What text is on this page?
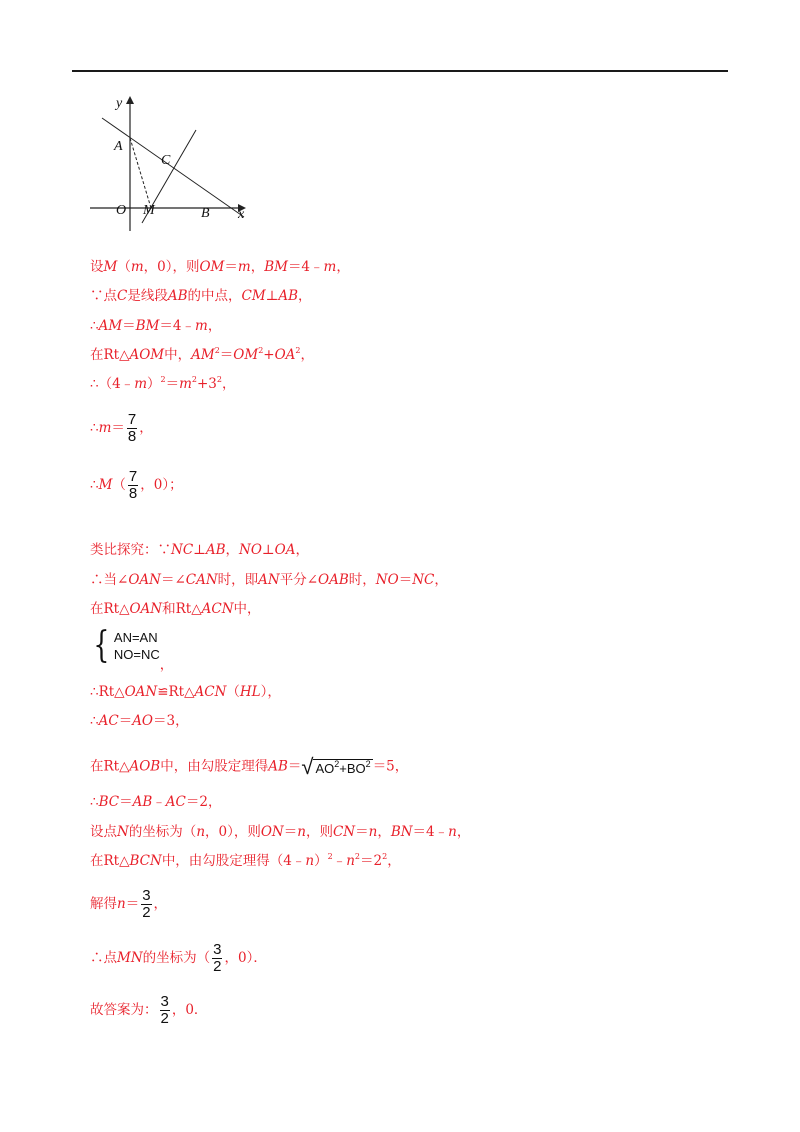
y
x
A
C
O M	B
设M（m，0），则OM＝m，BM＝4﹣m，
∵点C是线段AB的中点，CM⊥AB，
∴AM＝BM＝4﹣m，
在Rt△AOM中，$AM^2=OM^2+OA^2$，
$\therefore(4﹣m)^2=m^2+3^2$，
∴m＝ $\frac{7}{8}$ ，
∴M（ $\frac{7}{8}$ ，0）；
类比探究：∵NC⊥AB，NO⊥OA，
∴当∠OAN＝∠CAN时，即AN平分∠OAB时，NO＝NC，
在Rt△OAN和Rt△ACN中，
{ AN=AN
NO=NC
，
∴Rt△OAN≌Rt△ACN（HL），
∴AC＝AO＝3，
在Rt△AOB中，由勾股定理得AB＝ √ $AO^2+BO^2 =5$，
∴BC＝AB﹣AC＝2，
设点N的坐标为（n，0），则ON＝n，则CN＝n，BN＝4﹣n，
在Rt△BCN中，由勾股定理得$(4﹣n)^2﹣n^2=2^2$，
解得$n= \frac{3}{2}$ ，
∴点MN的坐标为（ $\frac{3}{2}$ ，0）．
故答案为： $\frac{3}{2}$ ，0．
